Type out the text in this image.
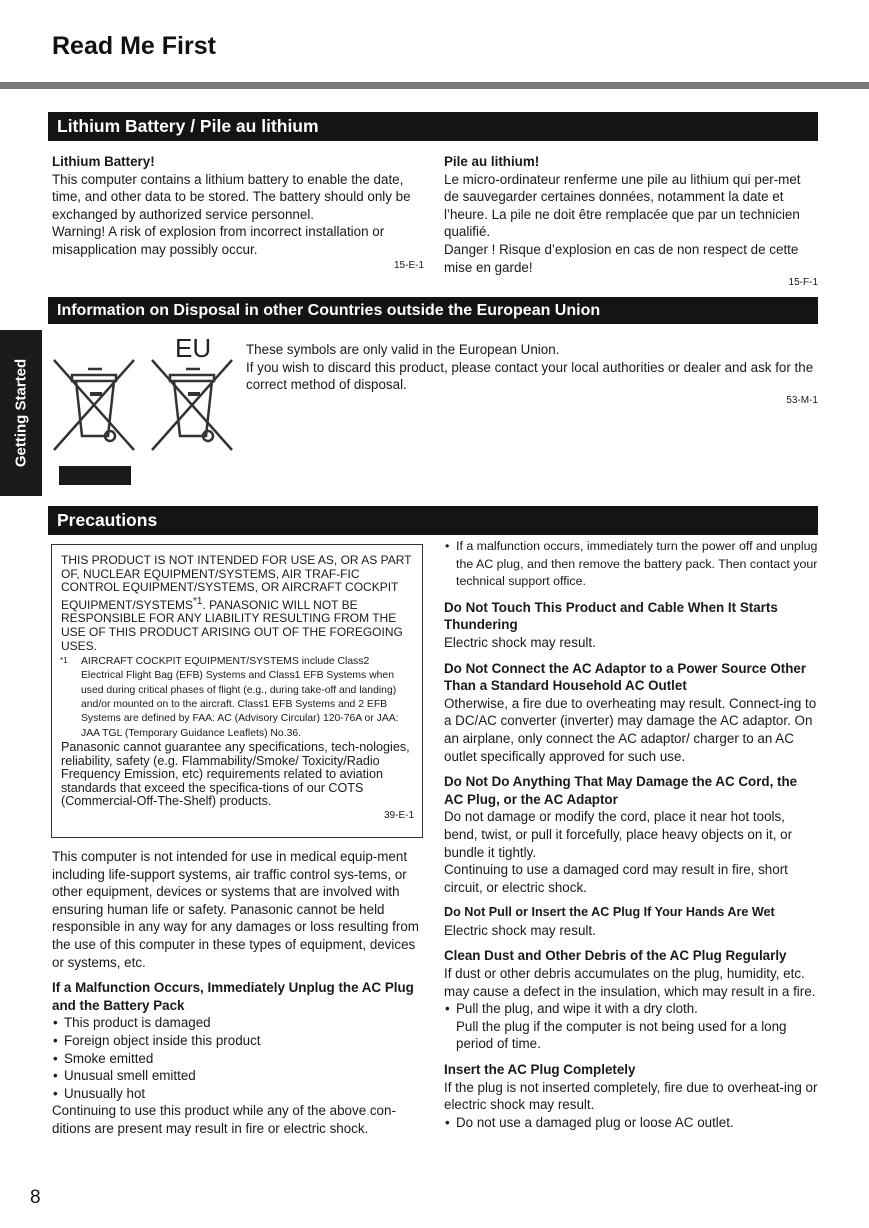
Read Me First
Getting Started
Lithium Battery / Pile au lithium

Lithium Battery!

This computer contains a lithium battery to enable the date, time, and other data to be stored. The battery should only be exchanged by authorized service personnel.

Warning! A risk of explosion from incorrect installation or misapplication may possibly occur.

15-E-1

Pile au lithium!

Le micro-ordinateur renferme une pile au lithium qui per-met de sauvegarder certaines données, notamment la date et l’heure. La pile ne doit être remplacée que par un technicien qualifié.

Danger ! Risque d’explosion en cas de non respect de cette mise en garde!

15-F-1

Information on Disposal in other Countries outside the European Union
EU	These symbols are only valid in the European Union.

If you wish to discard this product, please contact your local authorities or dealer and ask for the correct method of disposal.

53-M-1

Precautions

THIS PRODUCT IS NOT INTENDED FOR USE AS, OR AS PART OF, NUCLEAR EQUIPMENT/SYSTEMS, AIR TRAF-FIC CONTROL EQUIPMENT/SYSTEMS, OR AIRCRAFT COCKPIT EQUIPMENT/SYSTEMS$^{*1}$. PANASONIC WILL NOT BE RESPONSIBLE FOR ANY LIABILITY RESULTING FROM THE USE OF THIS PRODUCT ARISING OUT OF THE FOREGOING USES.

*1 AIRCRAFT COCKPIT EQUIPMENT/SYSTEMS include Class2 Electrical Flight Bag (EFB) Systems and Class1 EFB Systems when used during critical phases of flight (e.g., during take-off and landing) and/or mounted on to the aircraft. Class1 EFB Systems and 2 EFB Systems are defined by FAA: AC (Advisory Circular) 120-76A or JAA: JAA TGL (Temporary Guidance Leaflets) No.36.

Panasonic cannot guarantee any specifications, tech-nologies, reliability, safety (e.g. Flammability/Smoke/ Toxicity/Radio Frequency Emission, etc) requirements related to aviation standards that exceed the specifica-tions of our COTS (Commercial-Off-The-Shelf) products.

39-E-1

This computer is not intended for use in medical equip-ment including life-support systems, air traffic control sys-tems, or other equipment, devices or systems that are involved with ensuring human life or safety. Panasonic cannot be held responsible in any way for any damages or loss resulting from the use of this computer in these types of equipment, devices or systems, etc.

If a Malfunction Occurs, Immediately Unplug the AC Plug and the Battery Pack

• This product is damaged

• Foreign object inside this product

• Smoke emitted

• Unusual smell emitted

• Unusually hot

Continuing to use this product while any of the above con-ditions are present may result in fire or electric shock.

• If a malfunction occurs, immediately turn the power off and unplug the AC plug, and then remove the battery pack. Then contact your technical support office.

Do Not Touch This Product and Cable When It Starts Thundering

Electric shock may result.

Do Not Connect the AC Adaptor to a Power Source Other Than a Standard Household AC Outlet

Otherwise, a fire due to overheating may result. Connect-ing to a DC/AC converter (inverter) may damage the AC adaptor. On an airplane, only connect the AC adaptor/ charger to an AC outlet specifically approved for such use.

Do Not Do Anything That May Damage the AC Cord, the AC Plug, or the AC Adaptor

Do not damage or modify the cord, place it near hot tools, bend, twist, or pull it forcefully, place heavy objects on it, or bundle it tightly.

Continuing to use a damaged cord may result in fire, short circuit, or electric shock.

Do Not Pull or Insert the AC Plug If Your Hands Are Wet

Electric shock may result.

Clean Dust and Other Debris of the AC Plug Regularly

If dust or other debris accumulates on the plug, humidity, etc. may cause a defect in the insulation, which may result in a fire.

• Pull the plug, and wipe it with a dry cloth.

Pull the plug if the computer is not being used for a long period of time.

Insert the AC Plug Completely

If the plug is not inserted completely, fire due to overheat-ing or electric shock may result.

• Do not use a damaged plug or loose AC outlet.

8
